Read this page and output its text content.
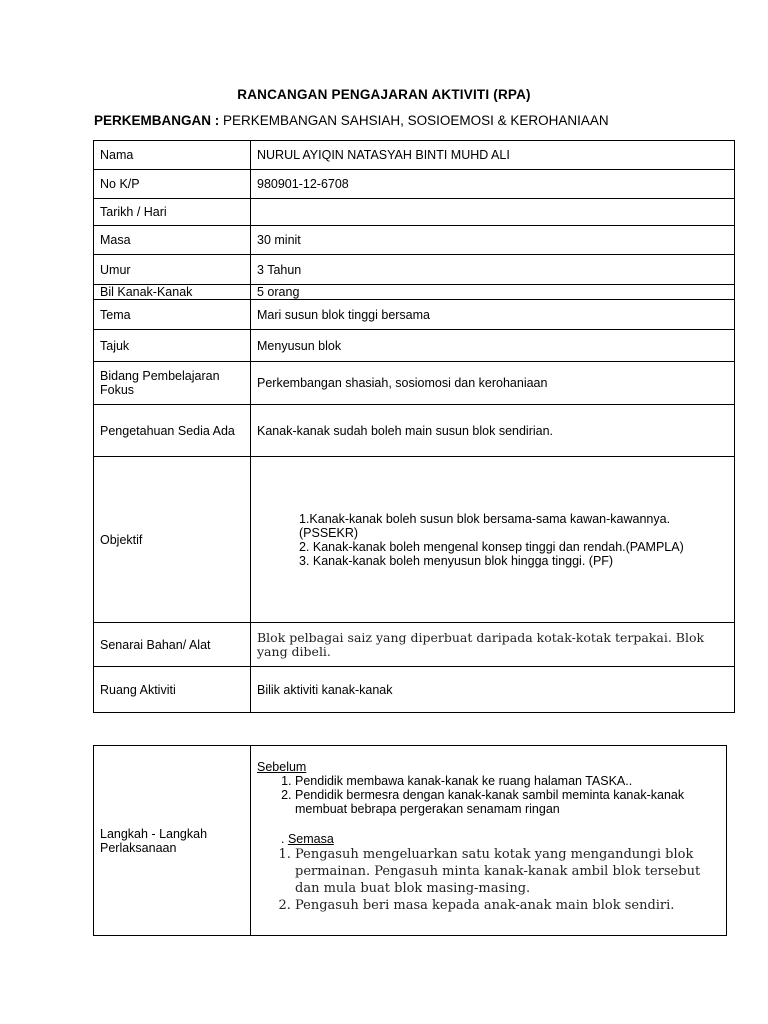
RANCANGAN PENGAJARAN AKTIVITI (RPA)
PERKEMBANGAN : PERKEMBANGAN SAHSIAH, SOSIOEMOSI & KEROHANIAAN
Nama	NURUL AYIQIN NATASYAH BINTI MUHD ALI
No K/P	980901-12-6708
Tarikh / Hari	
Masa	30 minit
Umur	3 Tahun
Bil Kanak-Kanak	5 orang
Tema	Mari susun blok tinggi bersama
Tajuk	Menyusun blok
Bidang Pembelajaran Fokus	Perkembangan shasiah, sosiomosi dan kerohaniaan
Pengetahuan Sedia Ada	Kanak-kanak sudah boleh main susun blok sendirian.
Objektif	1.Kanak-kanak boleh susun blok bersama-sama kawan-kawannya.(PSSEKR)
2. Kanak-kanak boleh mengenal konsep tinggi dan rendah.(PAMPLA)
3. Kanak-kanak boleh menyusun blok hingga tinggi. (PF)

Senarai Bahan/ Alat	Blok pelbagai saiz yang diperbuat daripada kotak-kotak terpakai. Blok yang dibeli.
Ruang Aktiviti	Bilik aktiviti kanak-kanak
Langkah - Langkah Perlaksanaan	
Sebelum
1. Pendidik membawa kanak-kanak ke ruang halaman TASKA..
2. Pendidik bermesra dengan kanak-kanak sambil meminta kanak-kanak membuat bebrapa pergerakan senamam ringan
. Semasa
1. Pengasuh mengeluarkan satu kotak yang mengandungi blok permainan. Pengasuh minta kanak-kanak ambil blok tersebut dan mula buat blok masing-masing.
2. Pengasuh beri masa kepada anak-anak main blok sendiri.
